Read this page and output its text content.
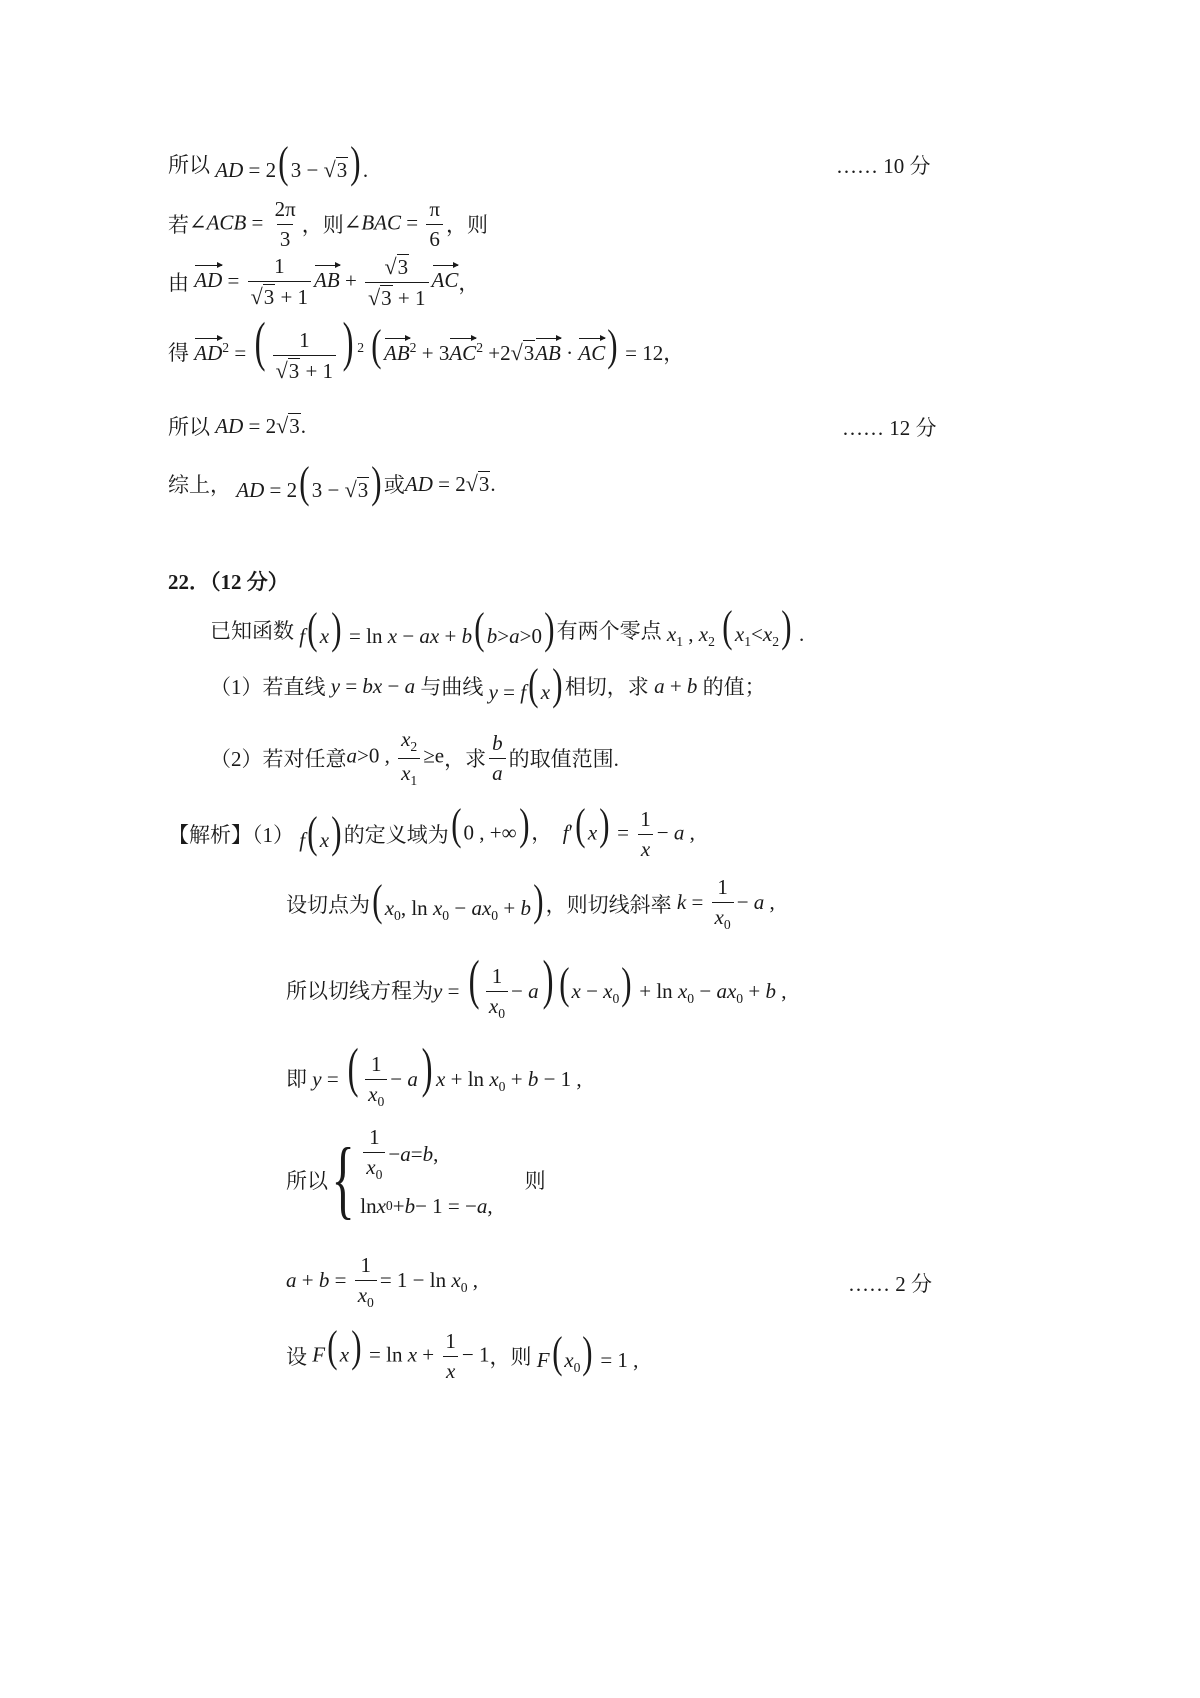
所以 AD = 2( 3 − √ 3 ) .	…… 10 分
若 ∠ACB = $\frac{2\pi}{3}$ ，则 ∠BAC = $\frac{\pi}{6}$ ，则
由 AD = $\frac{1}{√ 3 + 1}$ AB + $\frac{√ 3}{√ 3 + 1}$ AC ，
得 $AD^2$ = ( $\frac{1}{√ 3 + 1}$ ) $^2$ ( $AB^2 + 3AC^2 +2$ √ 3 AB · AC) = 12 ，
所以 AD = 2 √ 3 .	…… 12 分
综上， AD = 2( 3 − √ 3 ) 或 AD = 2 √ 3 .
22．（12 分）
已知函数 f( x) = ln x − ax + b( b>a>0) 有两个零点 $x_1$ , $x_2$ ( $x_1<x_2$) .
（1）若直线 y = bx − a 与曲线 y = f( x) 相切，求 a + b 的值；
（2）若对任意 a>0 , $\frac{x_2}{x_1} \ge e$ ，求 $\frac{b}{a}$ 的取值范围.
【解析】（1） f( x) 的定义域为 ( 0 , +∞) ，  f′( $x) = \frac{1}{x} - a$ ,
设切点为 ( $x_0$, $\ln x_0 - ax_0 + b$) ，则切线斜率 $k = \frac{1}{x_0} - a$ ,
所以切线方程为 y = ( $\frac{1}{x_0} - a$) ( $x - x_0) + \ln x_0 - ax_0 + b$ ,
即 y = ( $\frac{1}{x_0} - a$) $x + \ln x_0 + b - 1$ ,
所以 { $\frac{1}{x_0} - a = b$ ,
ln x 0 + b − 1 = − a ,
则
$a + b = \frac{1}{x_0} = 1 - \ln x_0$ ,	…… 2 分
设 F( $x) = \ln x + \frac{1}{x} - 1$ ，则 F( $x_0) = 1$ ,
